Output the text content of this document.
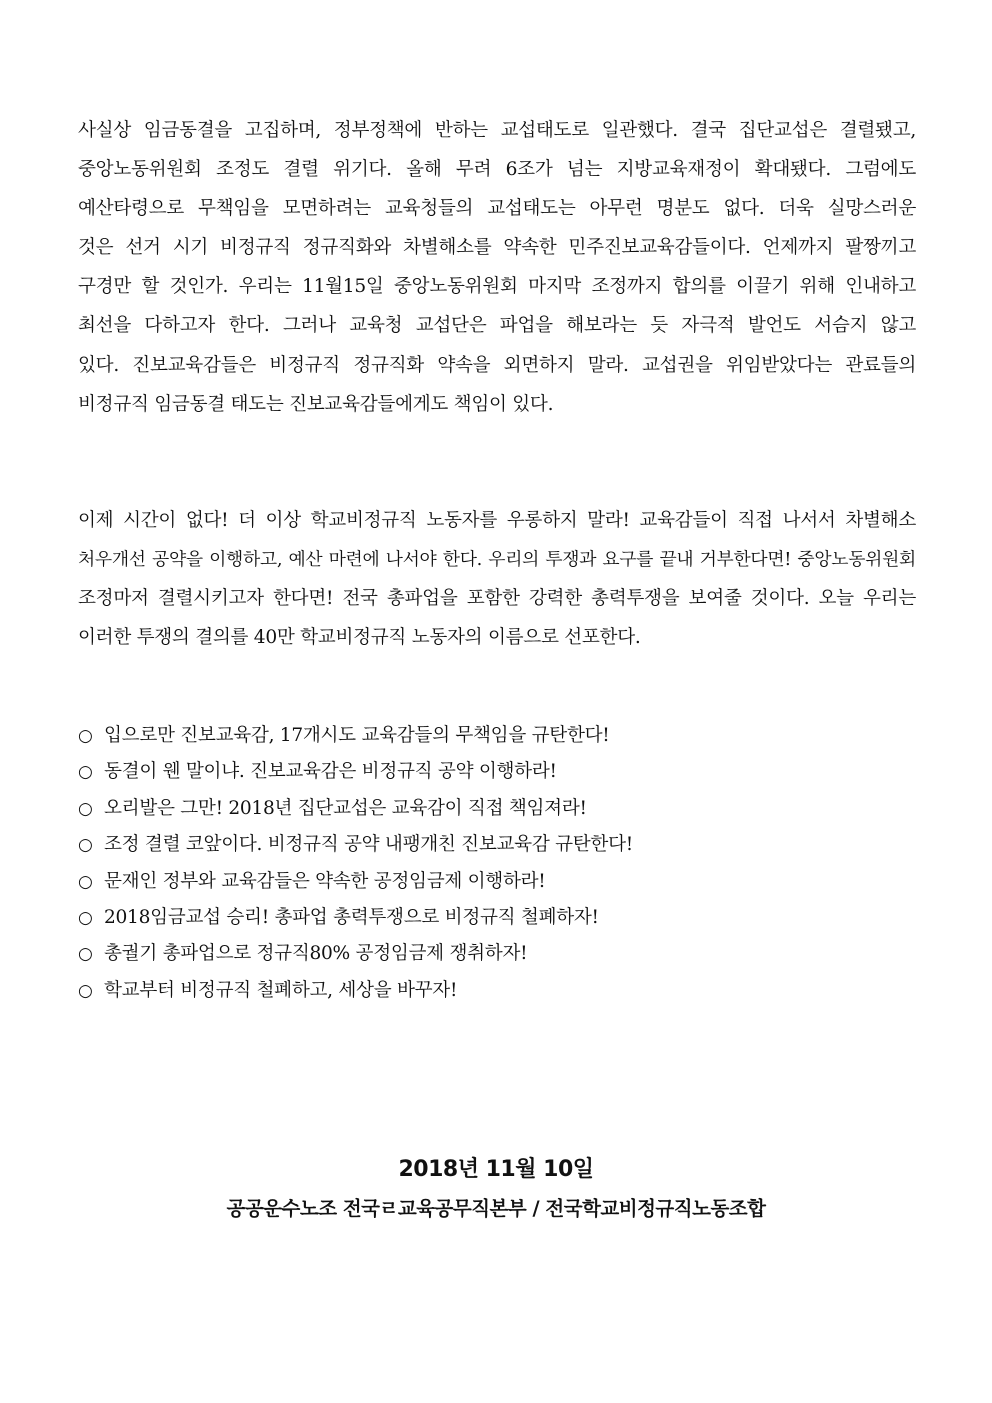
사실상 임금동결을 고집하며, 정부정책에 반하는 교섭태도로 일관했다. 결국 집단교섭은 결렬됐고,
중앙노동위원회 조정도 결렬 위기다. 올해 무려 6조가 넘는 지방교육재정이 확대됐다. 그럼에도
예산타령으로 무책임을 모면하려는 교육청들의 교섭태도는 아무런 명분도 없다. 더욱 실망스러운
것은 선거 시기 비정규직 정규직화와 차별해소를 약속한 민주진보교육감들이다. 언제까지 팔짱끼고
구경만 할 것인가. 우리는 11월15일 중앙노동위원회 마지막 조정까지 합의를 이끌기 위해 인내하고
최선을 다하고자 한다. 그러나 교육청 교섭단은 파업을 해보라는 듯 자극적 발언도 서슴지 않고
있다. 진보교육감들은 비정규직 정규직화 약속을 외면하지 말라. 교섭권을 위임받았다는 관료들의
비정규직 임금동결 태도는 진보교육감들에게도 책임이 있다.

이제 시간이 없다! 더 이상 학교비정규직 노동자를 우롱하지 말라! 교육감들이 직접 나서서 차별해소
처우개선 공약을 이행하고, 예산 마련에 나서야 한다. 우리의 투쟁과 요구를 끝내 거부한다면! 중앙노동위원회
조정마저 결렬시키고자 한다면! 전국 총파업을 포함한 강력한 총력투쟁을 보여줄 것이다. 오늘 우리는
이러한 투쟁의 결의를 40만 학교비정규직 노동자의 이름으로 선포한다.

○ 입으로만 진보교육감, 17개시도 교육감들의 무책임을 규탄한다!
○ 동결이 웬 말이냐. 진보교육감은 비정규직 공약 이행하라!
○ 오리발은 그만! 2018년 집단교섭은 교육감이 직접 책임져라!
○ 조정 결렬 코앞이다. 비정규직 공약 내팽개친 진보교육감 규탄한다!
○ 문재인 정부와 교육감들은 약속한 공정임금제 이행하라!
○ 2018임금교섭 승리! 총파업 총력투쟁으로 비정규직 철폐하자!
○ 총궐기 총파업으로 정규직80% 공정임금제 쟁취하자!
○ 학교부터 비정규직 철폐하고, 세상을 바꾸자!
2018년 11월 10일
공공운수노조 전국ㄹ교육공무직본부 / 전국학교비정규직노동조합
